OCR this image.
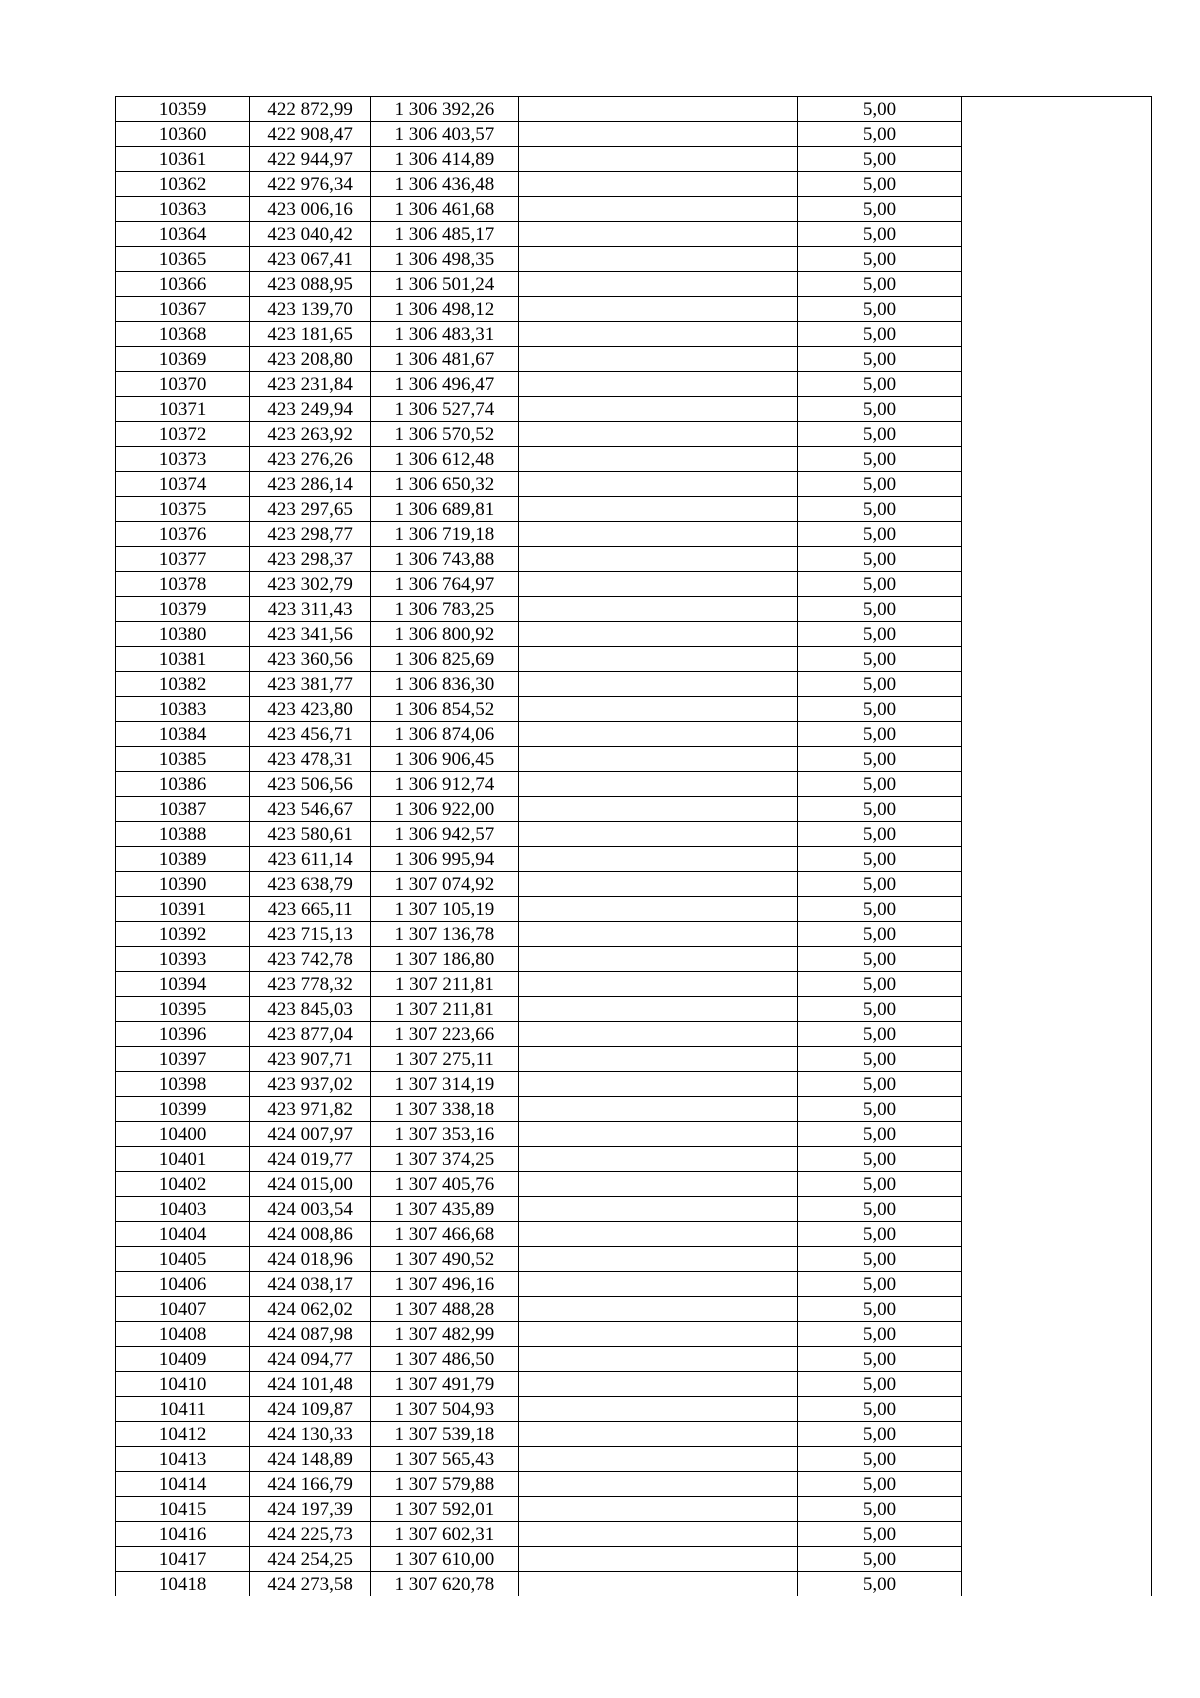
10359	422 872,99	1 306 392,26		5,00	
10360	422 908,47	1 306 403,57		5,00	
10361	422 944,97	1 306 414,89		5,00	
10362	422 976,34	1 306 436,48		5,00	
10363	423 006,16	1 306 461,68		5,00	
10364	423 040,42	1 306 485,17		5,00	
10365	423 067,41	1 306 498,35		5,00	
10366	423 088,95	1 306 501,24		5,00	
10367	423 139,70	1 306 498,12		5,00	
10368	423 181,65	1 306 483,31		5,00	
10369	423 208,80	1 306 481,67		5,00	
10370	423 231,84	1 306 496,47		5,00	
10371	423 249,94	1 306 527,74		5,00	
10372	423 263,92	1 306 570,52		5,00	
10373	423 276,26	1 306 612,48		5,00	
10374	423 286,14	1 306 650,32		5,00	
10375	423 297,65	1 306 689,81		5,00	
10376	423 298,77	1 306 719,18		5,00	
10377	423 298,37	1 306 743,88		5,00	
10378	423 302,79	1 306 764,97		5,00	
10379	423 311,43	1 306 783,25		5,00	
10380	423 341,56	1 306 800,92		5,00	
10381	423 360,56	1 306 825,69		5,00	
10382	423 381,77	1 306 836,30		5,00	
10383	423 423,80	1 306 854,52		5,00	
10384	423 456,71	1 306 874,06		5,00	
10385	423 478,31	1 306 906,45		5,00	
10386	423 506,56	1 306 912,74		5,00	
10387	423 546,67	1 306 922,00		5,00	
10388	423 580,61	1 306 942,57		5,00	
10389	423 611,14	1 306 995,94		5,00	
10390	423 638,79	1 307 074,92		5,00	
10391	423 665,11	1 307 105,19		5,00	
10392	423 715,13	1 307 136,78		5,00	
10393	423 742,78	1 307 186,80		5,00	
10394	423 778,32	1 307 211,81		5,00	
10395	423 845,03	1 307 211,81		5,00	
10396	423 877,04	1 307 223,66		5,00	
10397	423 907,71	1 307 275,11		5,00	
10398	423 937,02	1 307 314,19		5,00	
10399	423 971,82	1 307 338,18		5,00	
10400	424 007,97	1 307 353,16		5,00	
10401	424 019,77	1 307 374,25		5,00	
10402	424 015,00	1 307 405,76		5,00	
10403	424 003,54	1 307 435,89		5,00	
10404	424 008,86	1 307 466,68		5,00	
10405	424 018,96	1 307 490,52		5,00	
10406	424 038,17	1 307 496,16		5,00	
10407	424 062,02	1 307 488,28		5,00	
10408	424 087,98	1 307 482,99		5,00	
10409	424 094,77	1 307 486,50		5,00	
10410	424 101,48	1 307 491,79		5,00	
10411	424 109,87	1 307 504,93		5,00	
10412	424 130,33	1 307 539,18		5,00	
10413	424 148,89	1 307 565,43		5,00	
10414	424 166,79	1 307 579,88		5,00	
10415	424 197,39	1 307 592,01		5,00	
10416	424 225,73	1 307 602,31		5,00	
10417	424 254,25	1 307 610,00		5,00	
10418	424 273,58	1 307 620,78		5,00	
